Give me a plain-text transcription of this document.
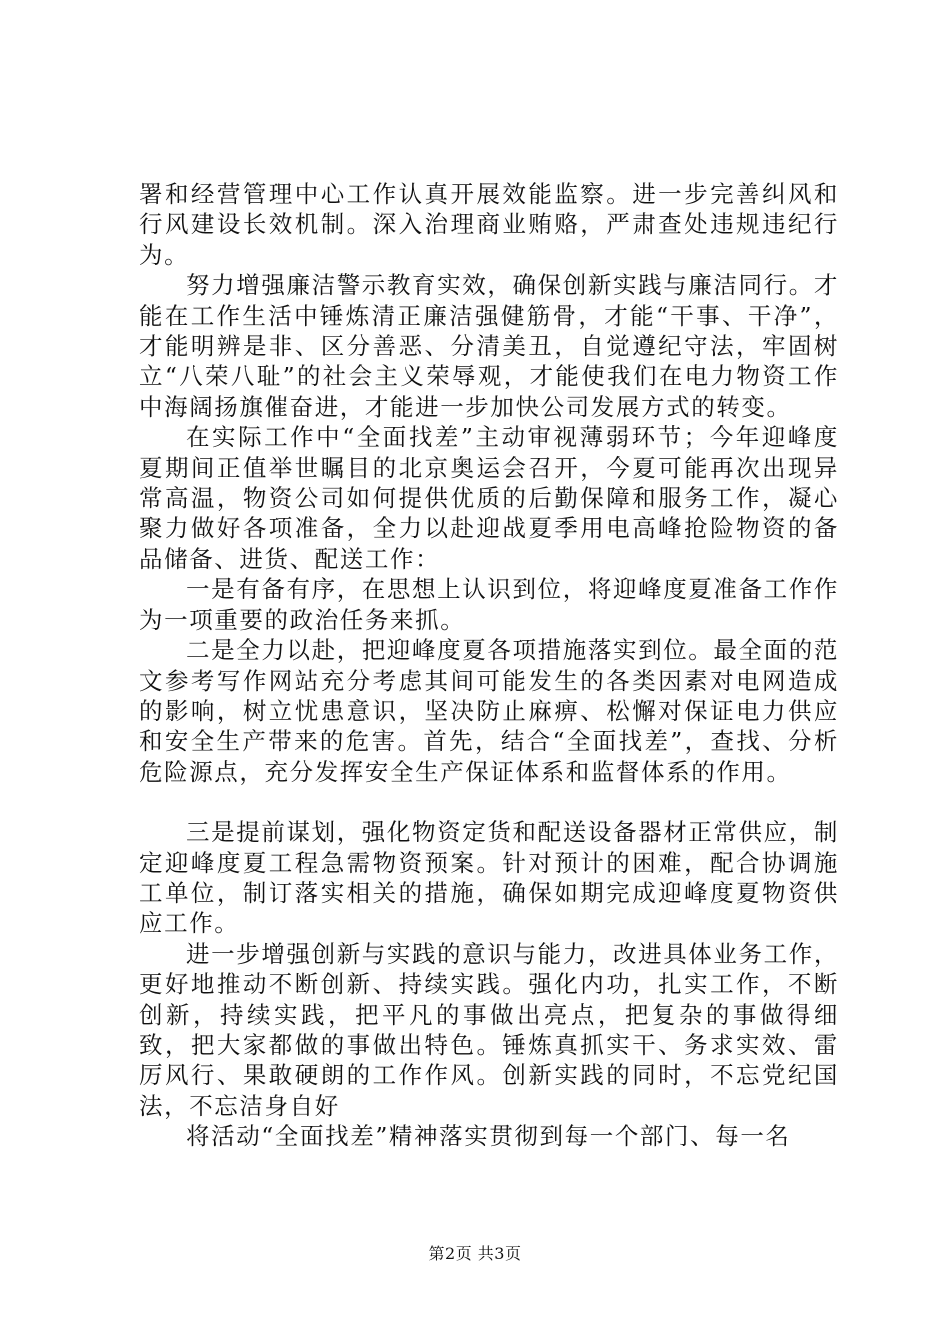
署和经营管理中心工作认真开展效能监察。进一步完善纠风和行风建设长效机制。深入治理商业贿赂，严肃查处违规违纪行为。

努力增强廉洁警示教育实效，确保创新实践与廉洁同行。才能在工作生活中锤炼清正廉洁强健筋骨，才能“干事、干净”，才能明辨是非、区分善恶、分清美丑，自觉遵纪守法，牢固树立“八荣八耻”的社会主义荣辱观，才能使我们在电力物资工作中海阔扬旗催奋进，才能进一步加快公司发展方式的转变。

在实际工作中“全面找差”主动审视薄弱环节；今年迎峰度夏期间正值举世瞩目的北京奥运会召开，今夏可能再次出现异常高温，物资公司如何提供优质的后勤保障和服务工作，凝心聚力做好各项准备，全力以赴迎战夏季用电高峰抢险物资的备品储备、进货、配送工作：

一是有备有序，在思想上认识到位，将迎峰度夏准备工作作为一项重要的政治任务来抓。

二是全力以赴，把迎峰度夏各项措施落实到位。最全面的范文参考写作网站充分考虑其间可能发生的各类因素对电网造成的影响，树立忧患意识，坚决防止麻痹、松懈对保证电力供应和安全生产带来的危害。首先，结合“全面找差”，查找、分析危险源点，充分发挥安全生产保证体系和监督体系的作用。

三是提前谋划，强化物资定货和配送设备器材正常供应，制定迎峰度夏工程急需物资预案。针对预计的困难，配合协调施工单位，制订落实相关的措施，确保如期完成迎峰度夏物资供应工作。

进一步增强创新与实践的意识与能力，改进具体业务工作，更好地推动不断创新、持续实践。强化内功，扎实工作，不断创新，持续实践，把平凡的事做出亮点，把复杂的事做得细致，把大家都做的事做出特色。锤炼真抓实干、务求实效、雷厉风行、果敢硬朗的工作作风。创新实践的同时，不忘党纪国法，不忘洁身自好

将活动“全面找差”精神落实贯彻到每一个部门、每一名

第2页 共3页
